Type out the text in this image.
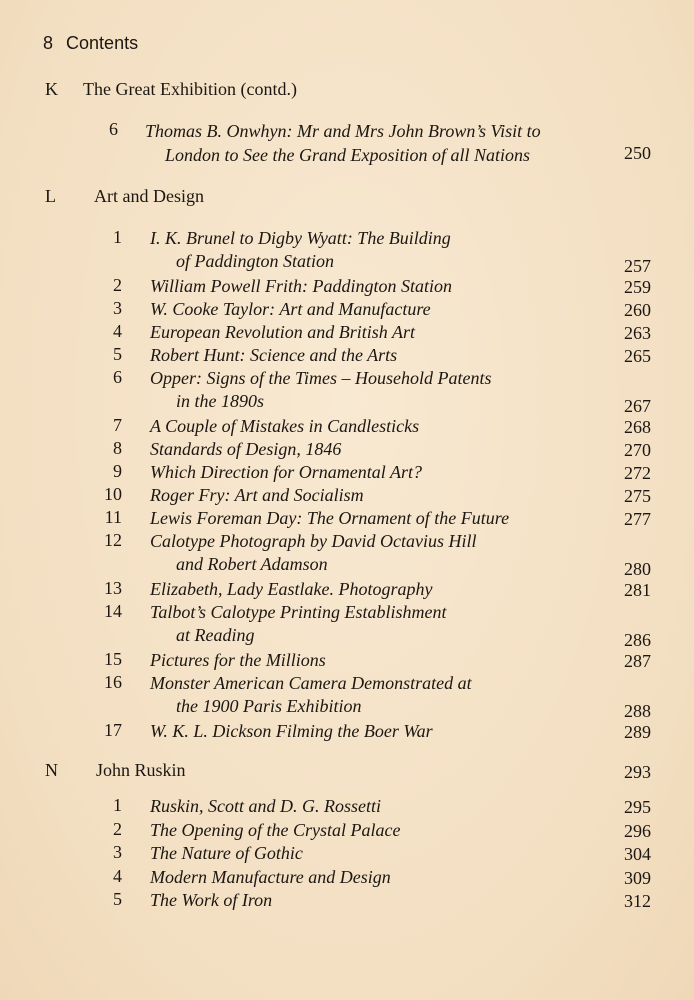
8 Contents
K The Great Exhibition (contd.)
6 Thomas B. Onwhyn: Mr and Mrs John Brown’s Visit to
London to See the Grand Exposition of all Nations	250
L Art and Design
1 I. K. Brunel to Digby Wyatt: The Building
of Paddington Station	257
2 William Powell Frith: Paddington Station	259
3 W. Cooke Taylor: Art and Manufacture	260
4 European Revolution and British Art	263
5 Robert Hunt: Science and the Arts	265
6 Opper: Signs of the Times – Household Patents
in the 1890s	267
7 A Couple of Mistakes in Candlesticks	268
8 Standards of Design, 1846	270
9 Which Direction for Ornamental Art?	272
10 Roger Fry: Art and Socialism	275
11 Lewis Foreman Day: The Ornament of the Future	277
12 Calotype Photograph by David Octavius Hill
and Robert Adamson	280
13 Elizabeth, Lady Eastlake. Photography	281
14 Talbot’s Calotype Printing Establishment
at Reading	286
15 Pictures for the Millions	287
16 Monster American Camera Demonstrated at
the 1900 Paris Exhibition	288
17 W. K. L. Dickson Filming the Boer War	289
N John Ruskin	293
1 Ruskin, Scott and D. G. Rossetti	295
2 The Opening of the Crystal Palace	296
3 The Nature of Gothic	304
4 Modern Manufacture and Design	309
5 The Work of Iron	312
